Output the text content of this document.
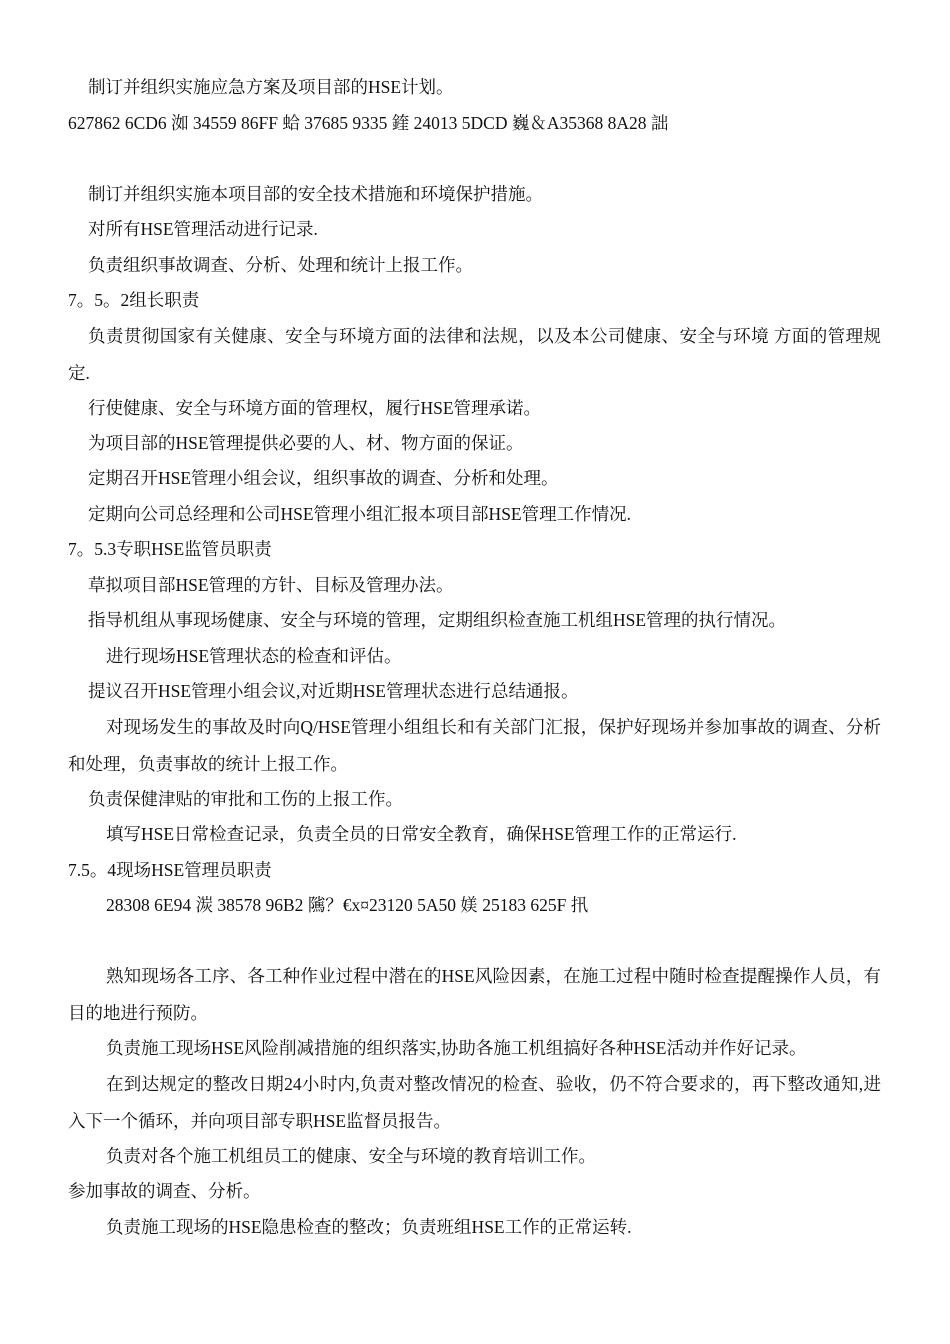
制订并组织实施应急方案及项目部的HSE计划。
627862 6CD6 洳 34559 86FF 蛤 37685 9335 鍷 24013 5DCD 巍＆A35368 8A28 詘
制订并组织实施本项目部的安全技术措施和环境保护措施。
对所有HSE管理活动进行记录.
负责组织事故调查、分析、处理和统计上报工作。
7。5。2组长职责
负责贯彻国家有关健康、安全与环境方面的法律和法规，以及本公司健康、安全与环境 方面的管理规定.
行使健康、安全与环境方面的管理权，履行HSE管理承诺。
为项目部的HSE管理提供必要的人、材、物方面的保证。
定期召开HSE管理小组会议，组织事故的调查、分析和处理。
定期向公司总经理和公司HSE管理小组汇报本项目部HSE管理工作情况.
7。5.3专职HSE监管员职责
草拟项目部HSE管理的方针、目标及管理办法。
指导机组从事现场健康、安全与环境的管理，定期组织检查施工机组HSE管理的执行情况。
进行现场HSE管理状态的检查和评估。
提议召开HSE管理小组会议,对近期HSE管理状态进行总结通报。
对现场发生的事故及时向Q/HSE管理小组组长和有关部门汇报，保护好现场并参加事故的调查、分析和处理，负责事故的统计上报工作。
负责保健津贴的审批和工伤的上报工作。
填写HSE日常检查记录，负责全员的日常安全教育，确保HSE管理工作的正常运行.
7.5。4现场HSE管理员职责
28308 6E94 湠 38578 96B2 隲？€x¤23120 5A50 媄 25183 625F 扟
熟知现场各工序、各工种作业过程中潜在的HSE风险因素，在施工过程中随时检查提醒操作人员，有目的地进行预防。
负责施工现场HSE风险削减措施的组织落实,协助各施工机组搞好各种HSE活动并作好记录。
在到达规定的整改日期24小时内,负责对整改情况的检查、验收，仍不符合要求的，再下整改通知,进入下一个循环，并向项目部专职HSE监督员报告。
负责对各个施工机组员工的健康、安全与环境的教育培训工作。
参加事故的调查、分析。
负责施工现场的HSE隐患检查的整改；负责班组HSE工作的正常运转.
